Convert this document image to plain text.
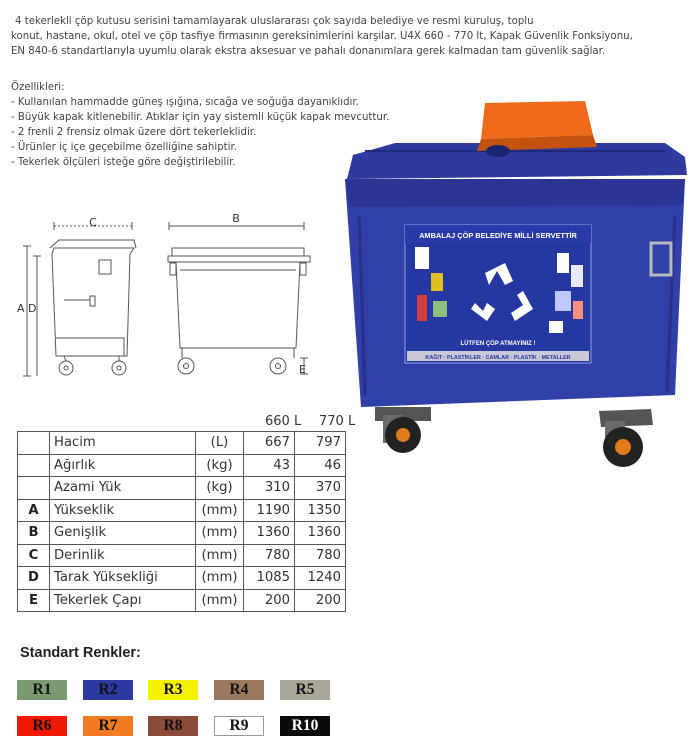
4 tekerlekli çöp kutusu serisini tamamlayarak uluslararası çok sayıda belediye ve resmi kuruluş, toplu

konut, hastane, okul, otel ve çöp tasfiye firmasının gereksinimlerini karşılar. U4X 660 - 770 lt, Kapak Güvenlik Fonksiyonu,

EN 840-6 standartlarıyla uyumlu olarak ekstra aksesuar ve pahalı donanımlara gerek kalmadan tam güvenlik sağlar.

Özellikleri:
- Kullanılan hammadde güneş ışığına, sıcağa ve soğuğa dayanıklıdır.
- Büyük kapak kitlenebilir. Atıklar için yay sistemli küçük kapak mevcuttur.
- 2 frenli 2 frensiz olmak üzere dört tekerleklidir.
- Ürünler iç içe geçebilme özelliğine sahiptir.
- Tekerlek ölçüleri isteğe göre değiştirilebilir.
C	B
A D
E
AMBALAJ ÇÖP BELEDİYE MİLLİ SERVETTİR
LÜTFEN ÇÖP ATMAYINIZ !
KAĞIT · PLASTİKLER · CAMLAR · PLASTİK · METALLER
660 L 770 L
	Hacim	(L)	667	797
	Ağırlık	(kg)	43	46
	Azami Yük	(kg)	310	370
A	Yükseklik	(mm)	1190	1350
B	Genişlik	(mm)	1360	1360
C	Derinlik	(mm)	780	780
D	Tarak Yüksekliği	(mm)	1085	1240
E	Tekerlek Çapı	(mm)	200	200
Standart Renkler:
R1	R2	R3	R4	R5
R6	R7	R8	R9	R10
